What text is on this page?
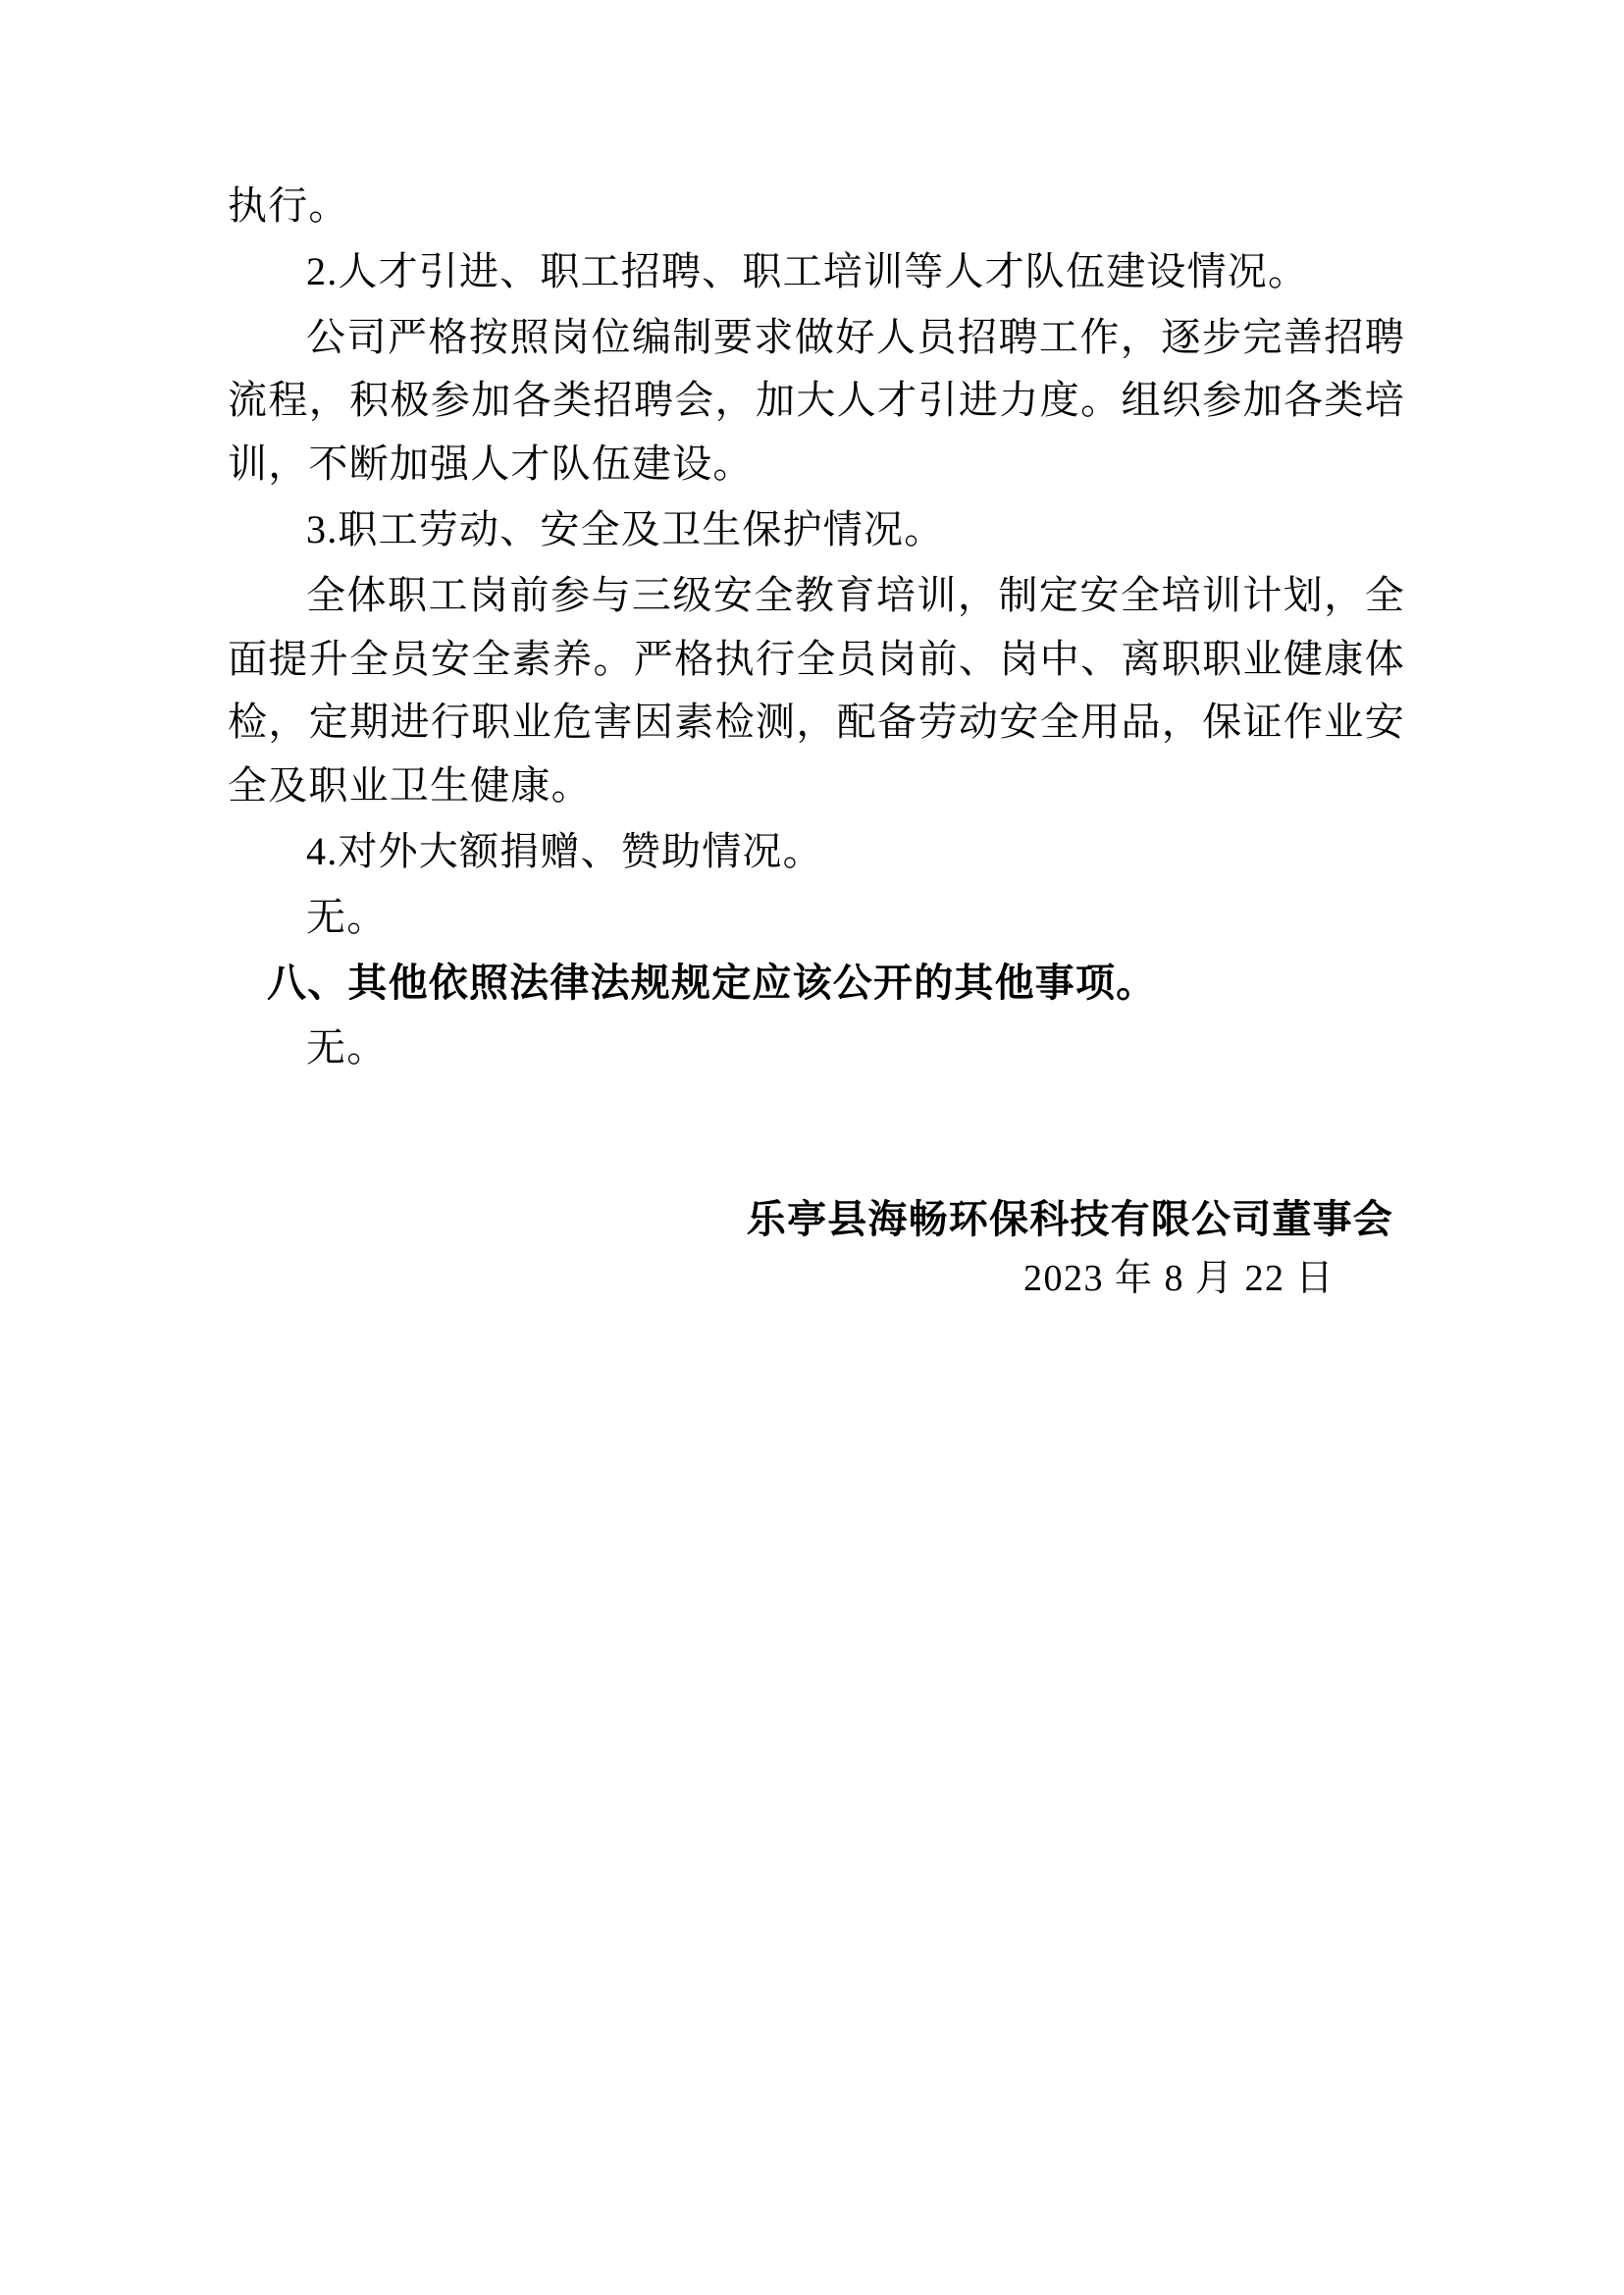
执行。

2.人才引进、职工招聘、职工培训等人才队伍建设情况。

公司严格按照岗位编制要求做好人员招聘工作，逐步完善招聘流程，积极参加各类招聘会，加大人才引进力度。组织参加各类培训，不断加强人才队伍建设。

3.职工劳动、安全及卫生保护情况。

全体职工岗前参与三级安全教育培训，制定安全培训计划，全面提升全员安全素养。严格执行全员岗前、岗中、离职职业健康体检，定期进行职业危害因素检测，配备劳动安全用品，保证作业安全及职业卫生健康。

4.对外大额捐赠、赞助情况。

无。

八、其他依照法律法规规定应该公开的其他事项。

无。

乐亭县海畅环保科技有限公司董事会
2023 年 8 月 22 日
